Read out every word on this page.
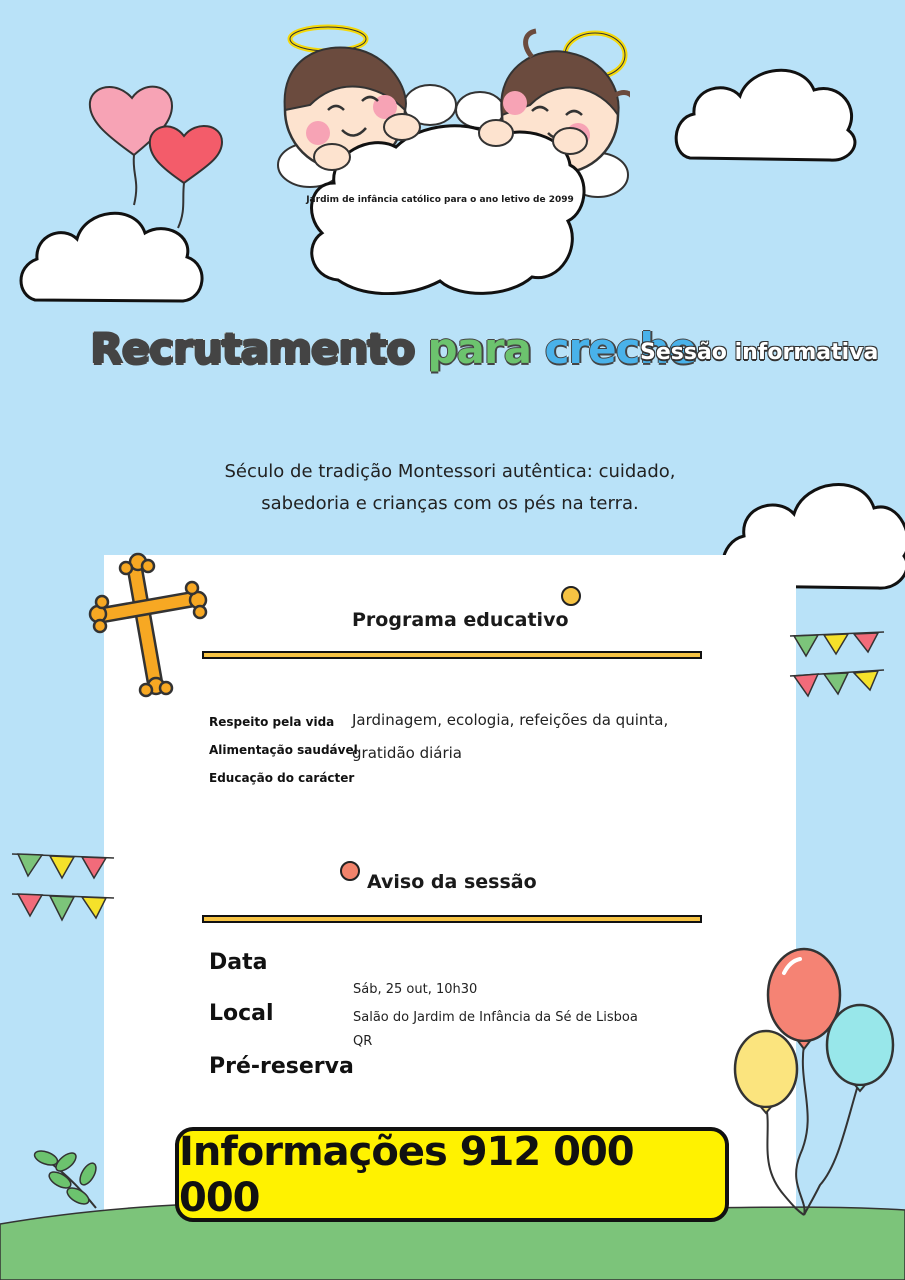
Jardim de infância católico para o ano letivo de 2099
Recrutamento para creche
Sessão informativa
Século de tradição Montessori autêntica: cuidado,
sabedoria e crianças com os pés na terra.
Programa educativo
Respeito pela vida
Alimentação saudável
Educação do carácter
Jardinagem, ecologia, refeições da quinta,
gratidão diária
Aviso da sessão
Data
Local
Pré-reserva
Sáb, 25 out, 10h30
Salão do Jardim de Infância da Sé de Lisboa
QR
Informações 912 000 000
